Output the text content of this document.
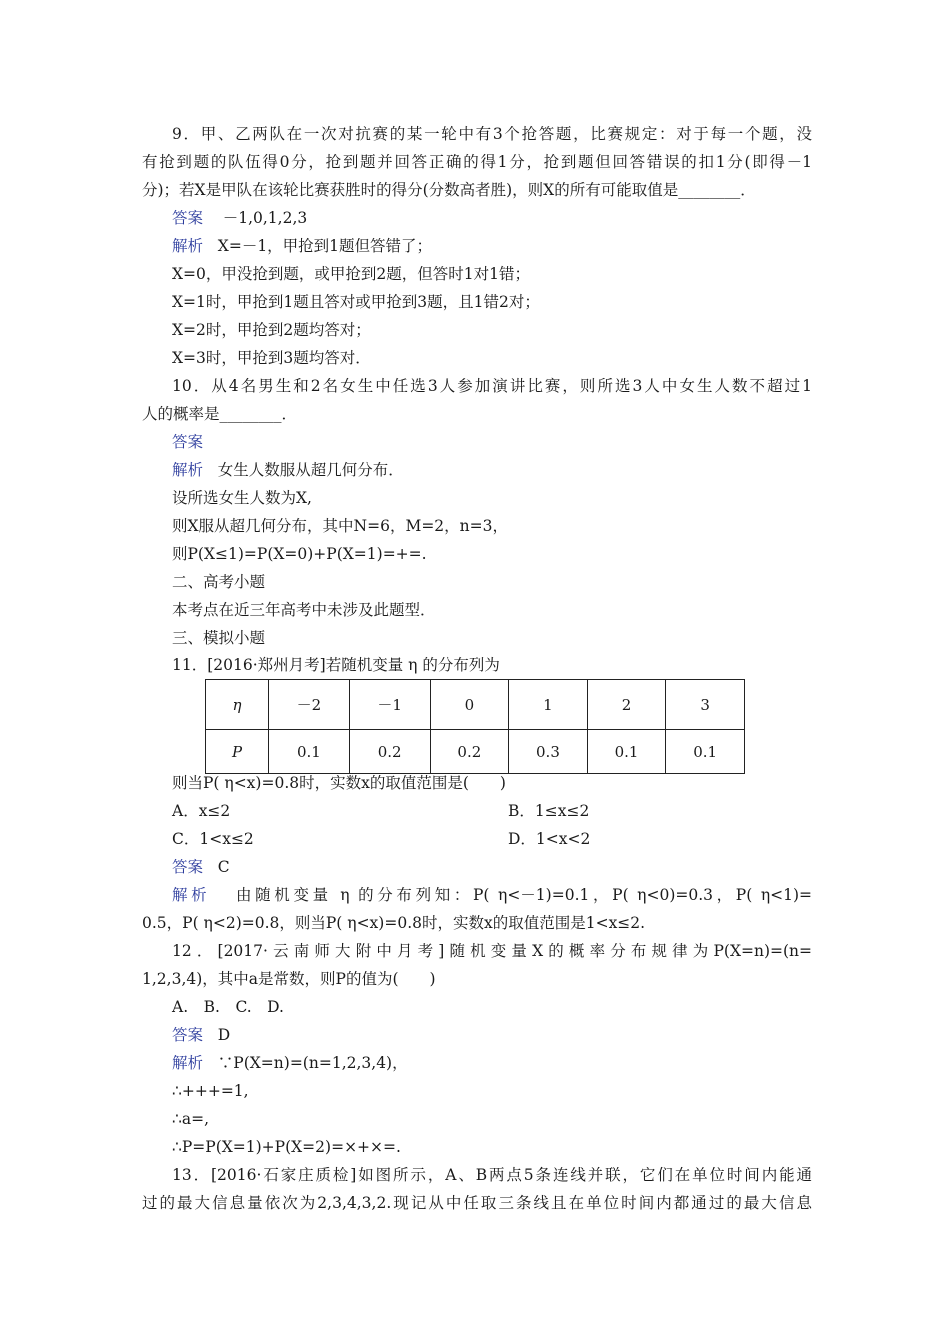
9．甲、乙两队在一次对抗赛的某一轮中有3个抢答题，比赛规定：对于每一个题，没
有抢到题的队伍得0分，抢到题并回答正确的得1分，抢到题但回答错误的扣1分(即得－1
分)；若X是甲队在该轮比赛获胜时的得分(分数高者胜)，则X的所有可能取值是________．
答案 －1,0,1,2,3
解析 X=－1，甲抢到1题但答错了；
X=0，甲没抢到题，或甲抢到2题，但答时1对1错；
X=1时，甲抢到1题且答对或甲抢到3题，且1错2对；
X=2时，甲抢到2题均答对；
X=3时，甲抢到3题均答对．
10．从4名男生和2名女生中任选3人参加演讲比赛，则所选3人中女生人数不超过1
人的概率是________．
答案
解析 女生人数服从超几何分布．
设所选女生人数为X,
则X服从超几何分布，其中N=6，M=2，n=3，
则P(X≤1)=P(X=0)+P(X=1)=+=.
二、高考小题
本考点在近三年高考中未涉及此题型．
三、模拟小题
11．[2016·郑州月考]若随机变量 η 的分布列为
η	－2	－1	0	1	2	3
P	0.1	0.2	0.2	0.3	0.1	0.1
则当P( η<x)=0.8时，实数x的取值范围是(　　)
A．x≤2	B．1≤x≤2
C．1<x≤2	D．1<x<2
答案 C
解析 由随机变量 η 的分布列知：P( η<－1)=0.1，P( η<0)=0.3，P( η<1)=
0.5，P( η<2)=0.8，则当P( η<x)=0.8时，实数x的取值范围是1<x≤2.
12．[2017·云南师大附中月考]随机变量X的概率分布规律为P(X=n)=(n=
1,2,3,4)，其中a是常数，则P的值为(　　)
A.　B.　C.　D.
答案 D
解析 ∵P(X=n)=(n=1,2,3,4)，
∴+++=1,
∴a=,
∴P=P(X=1)+P(X=2)=×+×=.
13．[2016·石家庄质检]如图所示，A、B两点5条连线并联，它们在单位时间内能通
过的最大信息量依次为2,3,4,3,2.现记从中任取三条线且在单位时间内都通过的最大信息
